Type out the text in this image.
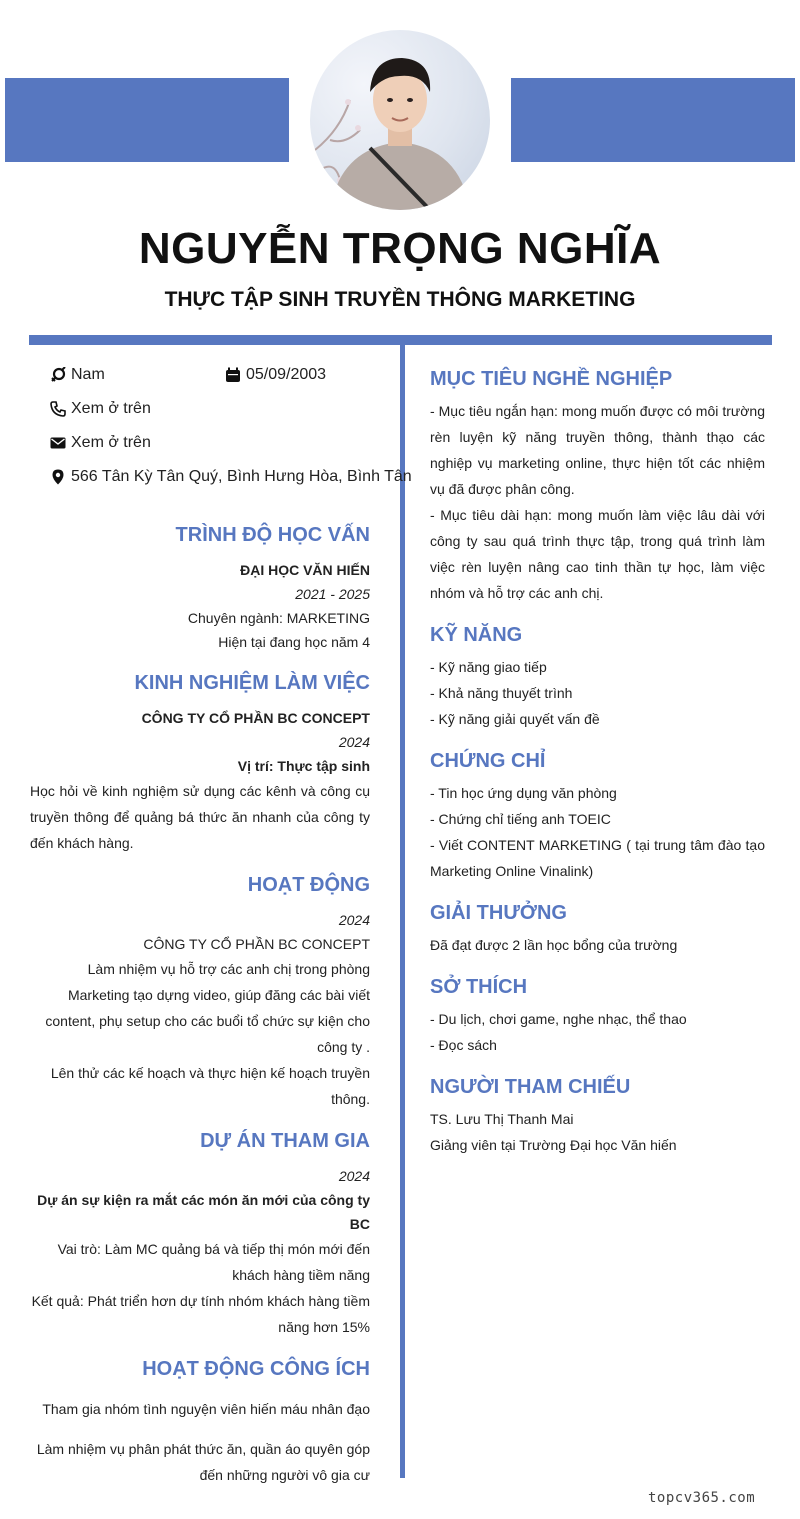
NGUYỄN TRỌNG NGHĨA
THỰC TẬP SINH TRUYỀN THÔNG MARKETING
Nam	05/09/2003
Xem ở trên
Xem ở trên
566 Tân Kỳ Tân Quý, Bình Hưng Hòa, Bình Tân
TRÌNH ĐỘ HỌC VẤN
ĐẠI HỌC VĂN HIẾN
2021 - 2025
Chuyên ngành: MARKETING
Hiện tại đang học năm 4
KINH NGHIỆM LÀM VIỆC
CÔNG TY CỔ PHẦN BC CONCEPT
2024
Vị trí: Thực tập sinh
Học hỏi về kinh nghiệm sử dụng các kênh và công cụ truyền thông để quảng bá thức ăn nhanh của công ty đến khách hàng.
HOẠT ĐỘNG
2024
CÔNG TY CỔ PHẦN BC CONCEPT
Làm nhiệm vụ hỗ trợ các anh chị trong phòng Marketing tạo dựng video, giúp đăng các bài viết content, phụ setup cho các buổi tổ chức sự kiện cho công ty .
Lên thử các kế hoạch và thực hiện kế hoạch truyền thông.
DỰ ÁN THAM GIA
2024
Dự án sự kiện ra mắt các món ăn mới của công ty BC
Vai trò: Làm MC quảng bá và tiếp thị món mới đến khách hàng tiềm năng
Kết quả: Phát triển hơn dự tính nhóm khách hàng tiềm năng hơn 15%
HOẠT ĐỘNG CÔNG ÍCH
Tham gia nhóm tình nguyện viên hiến máu nhân đạo
Làm nhiệm vụ phân phát thức ăn, quần áo quyên góp đến những người vô gia cư
MỤC TIÊU NGHỀ NGHIỆP
- Mục tiêu ngắn hạn: mong muốn được có môi trường rèn luyện kỹ năng truyền thông, thành thạo các nghiệp vụ marketing online, thực hiện tốt các nhiệm vụ đã được phân công.
- Mục tiêu dài hạn: mong muốn làm việc lâu dài với công ty sau quá trình thực tập, trong quá trình làm việc rèn luyện nâng cao tinh thần tự học, làm việc nhóm và hỗ trợ các anh chị.
KỸ NĂNG
- Kỹ năng giao tiếp
- Khả năng thuyết trình
- Kỹ năng giải quyết vấn đề
CHỨNG CHỈ
- Tin học ứng dụng văn phòng
- Chứng chỉ tiếng anh TOEIC
- Viết CONTENT MARKETING ( tại trung tâm đào tạo Marketing Online Vinalink)
GIẢI THƯỞNG
Đã đạt được 2 lần học bổng của trường
SỞ THÍCH
- Du lịch, chơi game, nghe nhạc, thể thao
- Đọc sách
NGƯỜI THAM CHIẾU
TS. Lưu Thị Thanh Mai
Giảng viên tại Trường Đại học Văn hiến
topcv365.com
